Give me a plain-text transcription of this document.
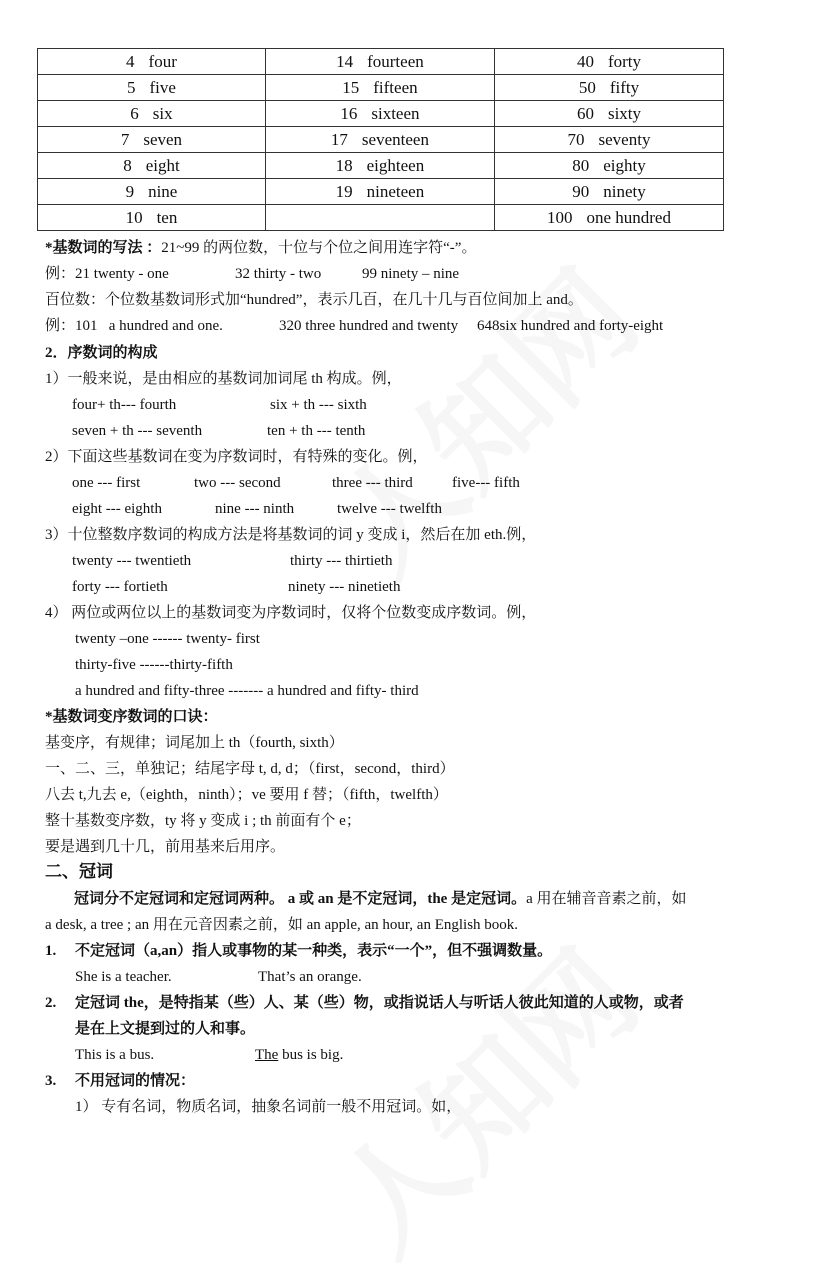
4 four	14 fourteen	40 forty
5 five	15 fifteen	50 fifty
6 six	16 sixteen	60 sixty
7 seven	17 seventeen	70 seventy
8 eight	18 eighteen	80 eighty
9 nine	19 nineteen	90 ninety
10 ten		100 one hundred
*基数词的写法 ：21~99 的两位数，十位与个位之间用连字符“-”。
例：21 twenty - one	32 thirty - two	99 ninety – nine
百位数：个位数基数词形式加“hundred”，表示几百，在几十几与百位间加上 and。
例：101   a hundred and one.	320 three hundred and twenty 648six hundred and forty-eight
2．序数词的构成
1）一般来说，是由相应的基数词加词尾 th 构成。例，
four+ th--- fourth	six + th --- sixth
seven + th --- seventh	ten + th --- tenth
2）下面这些基数词在变为序数词时，有特殊的变化。例，
one --- first	two --- second	three --- third	five--- fifth
eight --- eighth	nine --- ninth	twelve --- twelfth
3）十位整数序数词的构成方法是将基数词的词 y 变成 i，然后在加 eth.例，
twenty --- twentieth	thirty --- thirtieth
forty --- fortieth	ninety --- ninetieth
4） 两位或两位以上的基数词变为序数词时，仅将个位数变成序数词。例，
twenty –one ------ twenty- first
thirty-five ------thirty-fifth
a hundred and fifty-three ------- a hundred and fifty- third
*基数词变序数词的口诀：
基变序，有规律；词尾加上 th（fourth, sixth）
一、二、三，单独记；结尾字母 t, d, d；（first，second，third）
八去 t,九去 e,（eighth，ninth）；ve 要用 f 替；（fifth，twelfth）
整十基数变序数，ty 将 y 变成 i ; th 前面有个 e；
要是遇到几十几，前用基来后用序。
二、冠词
冠词分不定冠词和定冠词两种。 a 或 an 是不定冠词，the 是定冠词。a 用在辅音音素之前，如
a desk, a tree ; an 用在元音因素之前，如 an apple, an hour, an English book.
1. 不定冠词（a,an）指人或事物的某一种类，表示“一个”，但不强调数量。
She is a teacher.	That’s an orange.
2. 定冠词 the，是特指某（些）人、某（些）物，或指说话人与听话人彼此知道的人或物，或者
是在上文提到过的人和事。
This is a bus.	The bus is big.
3. 不用冠词的情况：
1） 专有名词，物质名词，抽象名词前一般不用冠词。如，
